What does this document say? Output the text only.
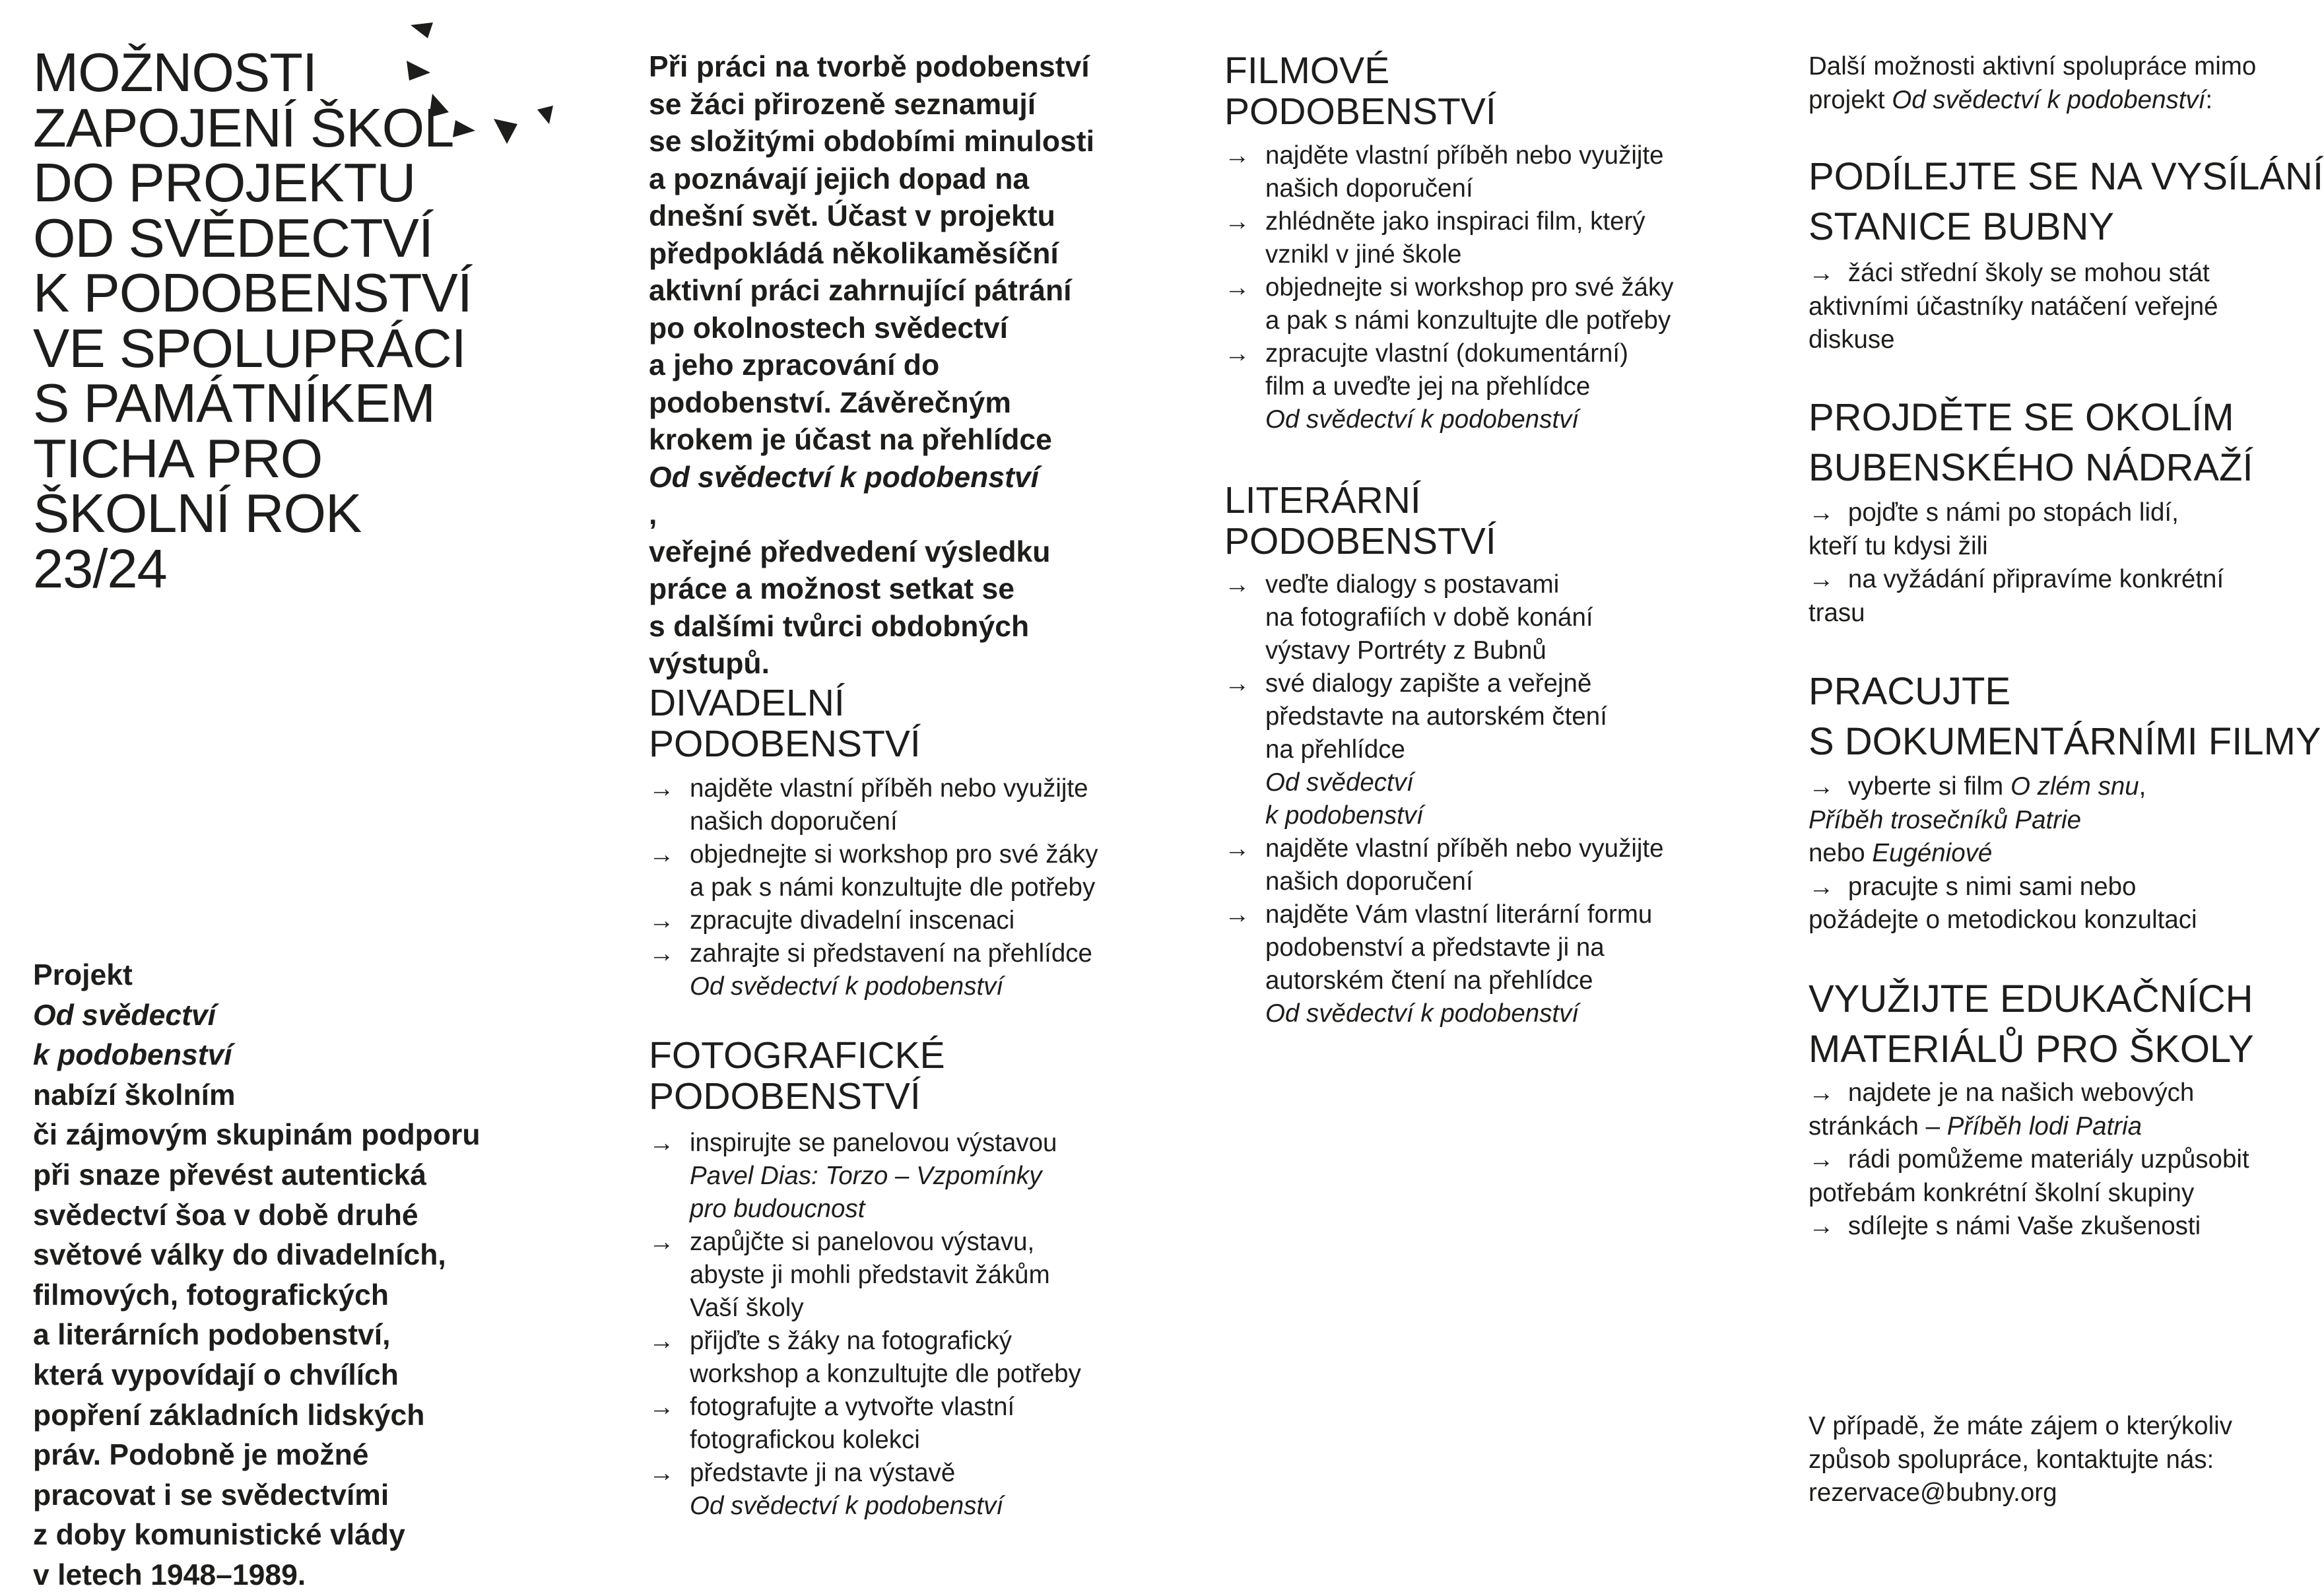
MOŽNOSTI
ZAPOJENÍ ŠKOL
DO PROJEKTU
OD SVĚDECTVÍ
K PODOBENSTVÍ
VE SPOLUPRÁCI
S PAMÁTNÍKEM
TICHA PRO
ŠKOLNÍ ROK
23/24

Projekt
Od svědectví
k podobenství
nabízí školním
či zájmovým skupinám podporu
při snaze převést autentická
svědectví šoa v době druhé
světové války do divadelních,
filmových, fotografických
a literárních podobenství,
která vypovídají o chvílích
popření základních lidských
práv. Podobně je možné
pracovat i se svědectvími
z doby komunistické vlády
v letech 1948–1989.

Při práci na tvorbě podobenství
se žáci přirozeně seznamují
se složitými obdobími minulosti
a poznávají jejich dopad na
dnešní svět. Účast v projektu
předpokládá několikaměsíční
aktivní práci zahrnující pátrání
po okolnostech svědectví
a jeho zpracování do
podobenství. Závěrečným
krokem je účast na přehlídce
Od svědectví k podobenství
,
veřejné předvedení výsledku
práce a možnost setkat se
s dalšími tvůrci obdobných
výstupů.

DIVADELNÍ
PODOBENSTVÍ
→ najděte vlastní příběh nebo využijte
našich doporučení
→ objednejte si workshop pro své žáky
a pak s námi konzultujte dle potřeby
→ zpracujte divadelní inscenaci
→ zahrajte si představení na přehlídce
Od svědectví k podobenství
FOTOGRAFICKÉ
PODOBENSTVÍ
→ inspirujte se panelovou výstavou
Pavel Dias: Torzo – Vzpomínky
pro budoucnost
→ zapůjčte si panelovou výstavu,
abyste ji mohli představit žákům
Vaší školy
→ přijďte s žáky na fotografický
workshop a konzultujte dle potřeby
→ fotografujte a vytvořte vlastní
fotografickou kolekci
→ představte ji na výstavě
Od svědectví k podobenství
FILMOVÉ
PODOBENSTVÍ
→ najděte vlastní příběh nebo využijte
našich doporučení
→ zhlédněte jako inspiraci film, který
vznikl v jiné škole
→ objednejte si workshop pro své žáky
a pak s námi konzultujte dle potřeby
→ zpracujte vlastní (dokumentární)
film a uveďte jej na přehlídce
Od svědectví k podobenství
LITERÁRNÍ
PODOBENSTVÍ
→ veďte dialogy s postavami
na fotografiích v době konání
výstavy Portréty z Bubnů
→ své dialogy zapište a veřejně
představte na autorském čtení
na přehlídce
Od svědectví
k podobenství
→ najděte vlastní příběh nebo využijte
našich doporučení
→ najděte Vám vlastní literární formu
podobenství a představte ji na
autorském čtení na přehlídce
Od svědectví k podobenství

Další možnosti aktivní spolupráce mimo
projekt Od svědectví k podobenství:

PODÍLEJTE SE NA VYSÍLÁNÍ
STANICE BUBNY

→ žáci střední školy se mohou stát
aktivními účastníky natáčení veřejné
diskuse

PROJDĚTE SE OKOLÍM
BUBENSKÉHO NÁDRAŽÍ

→ pojďte s námi po stopách lidí,
kteří tu kdysi žili
→ na vyžádání připravíme konkrétní
trasu

PRACUJTE
S DOKUMENTÁRNÍMI FILMY

→ vyberte si film O zlém snu,
Příběh trosečníků Patrie
nebo Eugéniové
→ pracujte s nimi sami nebo
požádejte o metodickou konzultaci

VYUŽIJTE EDUKAČNÍCH
MATERIÁLŮ PRO ŠKOLY

→ najdete je na našich webových
stránkách – Příběh lodi Patria
→ rádi pomůžeme materiály uzpůsobit
potřebám konkrétní školní skupiny
→ sdílejte s námi Vaše zkušenosti

V případě, že máte zájem o kterýkoliv
způsob spolupráce, kontaktujte nás:
rezervace@bubny.org
